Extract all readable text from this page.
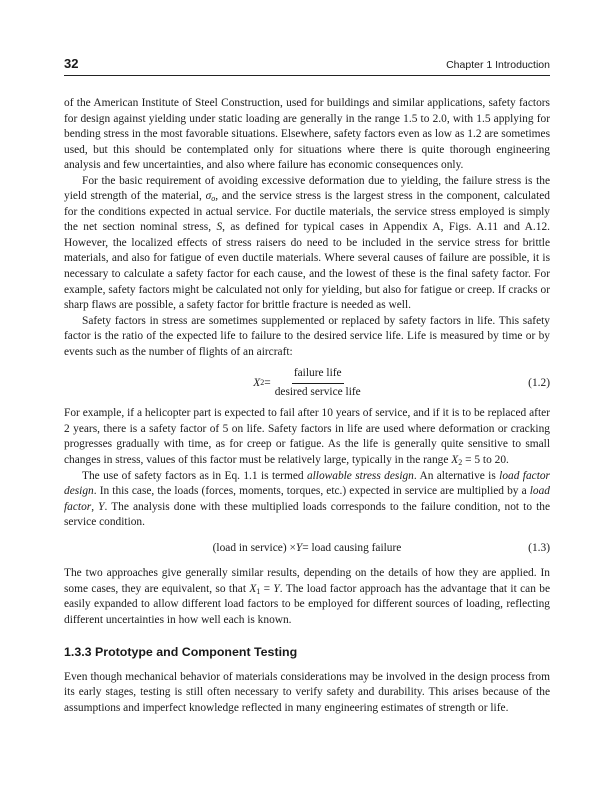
32	Chapter 1 Introduction

of the American Institute of Steel Construction, used for buildings and similar applications, safety factors for design against yielding under static loading are generally in the range 1.5 to 2.0, with 1.5 applying for bending stress in the most favorable situations. Elsewhere, safety factors even as low as 1.2 are sometimes used, but this should be contemplated only for situations where there is quite thorough engineering analysis and few uncertainties, and also where failure has economic consequences only.

For the basic requirement of avoiding excessive deformation due to yielding, the failure stress is the yield strength of the material, $\sigma_o$, and the service stress is the largest stress in the component, calculated for the conditions expected in actual service. For ductile materials, the service stress employed is simply the net section nominal stress, S, as defined for typical cases in Appendix A, Figs. A.11 and A.12. However, the localized effects of stress raisers do need to be included in the service stress for brittle materials, and also for fatigue of even ductile materials. Where several causes of failure are possible, it is necessary to calculate a safety factor for each cause, and the lowest of these is the final safety factor. For example, safety factors might be calculated not only for yielding, but also for fatigue or creep. If cracks or sharp flaws are possible, a safety factor for brittle fracture is needed as well.

Safety factors in stress are sometimes supplemented or replaced by safety factors in life. This safety factor is the ratio of the expected life to failure to the desired service life. Life is measured by time or by events such as the number of flights of an aircraft:

X $2 = \frac{\text{failure life}}{\text{desired service life}}$	(1.2)

For example, if a helicopter part is expected to fail after 10 years of service, and if it is to be replaced after 2 years, there is a safety factor of 5 on life. Safety factors in life are used where deformation or cracking progresses gradually with time, as for creep or fatigue. As the life is generally quite sensitive to small changes in stress, values of this factor must be relatively large, typically in the range $X_2 = 5$ to 20.

The use of safety factors as in Eq. 1.1 is termed allowable stress design. An alternative is load factor design. In this case, the loads (forces, moments, torques, etc.) expected in service are multiplied by a load factor, Y. The analysis done with these multiplied loads corresponds to the failure condition, not to the service condition.

(load in service) × Y = load causing failure	(1.3)

The two approaches give generally similar results, depending on the details of how they are applied. In some cases, they are equivalent, so that $X_1 = Y$. The load factor approach has the advantage that it can be easily expanded to allow different load factors to be employed for different sources of loading, reflecting different uncertainties in how well each is known.

1.3.3 Prototype and Component Testing

Even though mechanical behavior of materials considerations may be involved in the design process from its early stages, testing is still often necessary to verify safety and durability. This arises because of the assumptions and imperfect knowledge reflected in many engineering estimates of strength or life.
